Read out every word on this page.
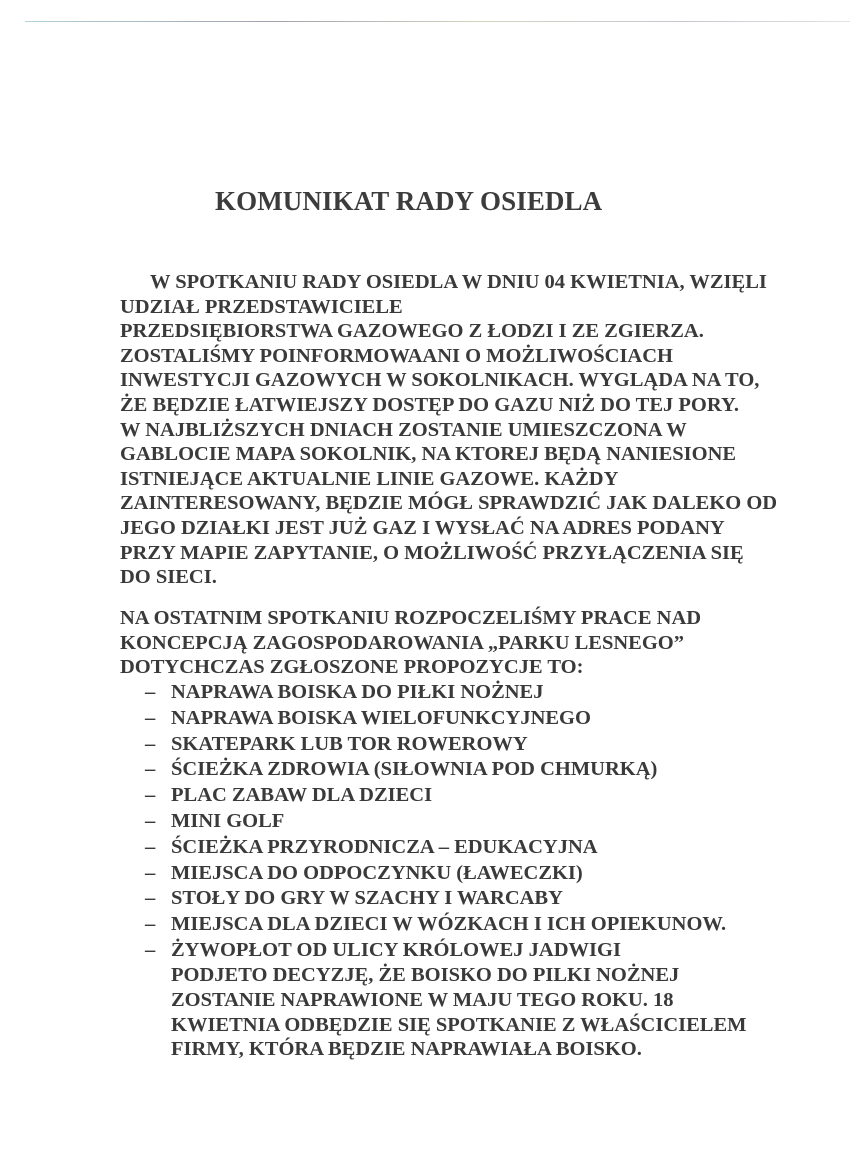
KOMUNIKAT RADY OSIEDLA
W SPOTKANIU RADY OSIEDLA W DNIU 04 KWIETNIA, WZIĘLI
UDZIAŁ PRZEDSTAWICIELE
PRZEDSIĘBIORSTWA GAZOWEGO Z ŁODZI I ZE ZGIERZA.
ZOSTALIŚMY POINFORMOWAANI O MOŻLIWOŚCIACH
INWESTYCJI GAZOWYCH W SOKOLNIKACH. WYGLĄDA NA TO,
ŻE BĘDZIE ŁATWIEJSZY DOSTĘP DO GAZU NIŻ DO TEJ PORY.
W NAJBLIŻSZYCH DNIACH ZOSTANIE UMIESZCZONA W
GABLOCIE MAPA SOKOLNIK, NA KTOREJ BĘDĄ NANIESIONE
ISTNIEJĄCE AKTUALNIE LINIE GAZOWE. KAŻDY
ZAINTERESOWANY, BĘDZIE MÓGŁ SPRAWDZIĆ JAK DALEKO OD
JEGO DZIAŁKI JEST JUŻ GAZ I WYSŁAĆ NA ADRES PODANY
PRZY MAPIE ZAPYTANIE, O MOŻLIWOŚĆ PRZYŁĄCZENIA SIĘ
DO SIECI.
NA OSTATNIM SPOTKANIU ROZPOCZELIŚMY PRACE NAD
KONCEPCJĄ ZAGOSPODAROWANIA „PARKU LESNEGO”
DOTYCHCZAS ZGŁOSZONE PROPOZYCJE TO:
– NAPRAWA BOISKA DO PIŁKI NOŻNEJ
– NAPRAWA BOISKA WIELOFUNKCYJNEGO
– SKATEPARK LUB TOR ROWEROWY
– ŚCIEŻKA ZDROWIA (SIŁOWNIA POD CHMURKĄ)
– PLAC ZABAW DLA DZIECI
– MINI GOLF
– ŚCIEŻKA PRZYRODNICZA – EDUKACYJNA
– MIEJSCA DO ODPOCZYNKU (ŁAWECZKI)
– STOŁY DO GRY W SZACHY I WARCABY
– MIEJSCA DLA DZIECI W WÓZKACH I ICH OPIEKUNOW.
– ŻYWOPŁOT OD ULICY KRÓLOWEJ JADWIGI
PODJETO DECYZJĘ, ŻE BOISKO DO PILKI NOŻNEJ
ZOSTANIE NAPRAWIONE W MAJU TEGO ROKU. 18
KWIETNIA ODBĘDZIE SIĘ SPOTKANIE Z WŁAŚCICIELEM
FIRMY, KTÓRA BĘDZIE NAPRAWIAŁA BOISKO.
